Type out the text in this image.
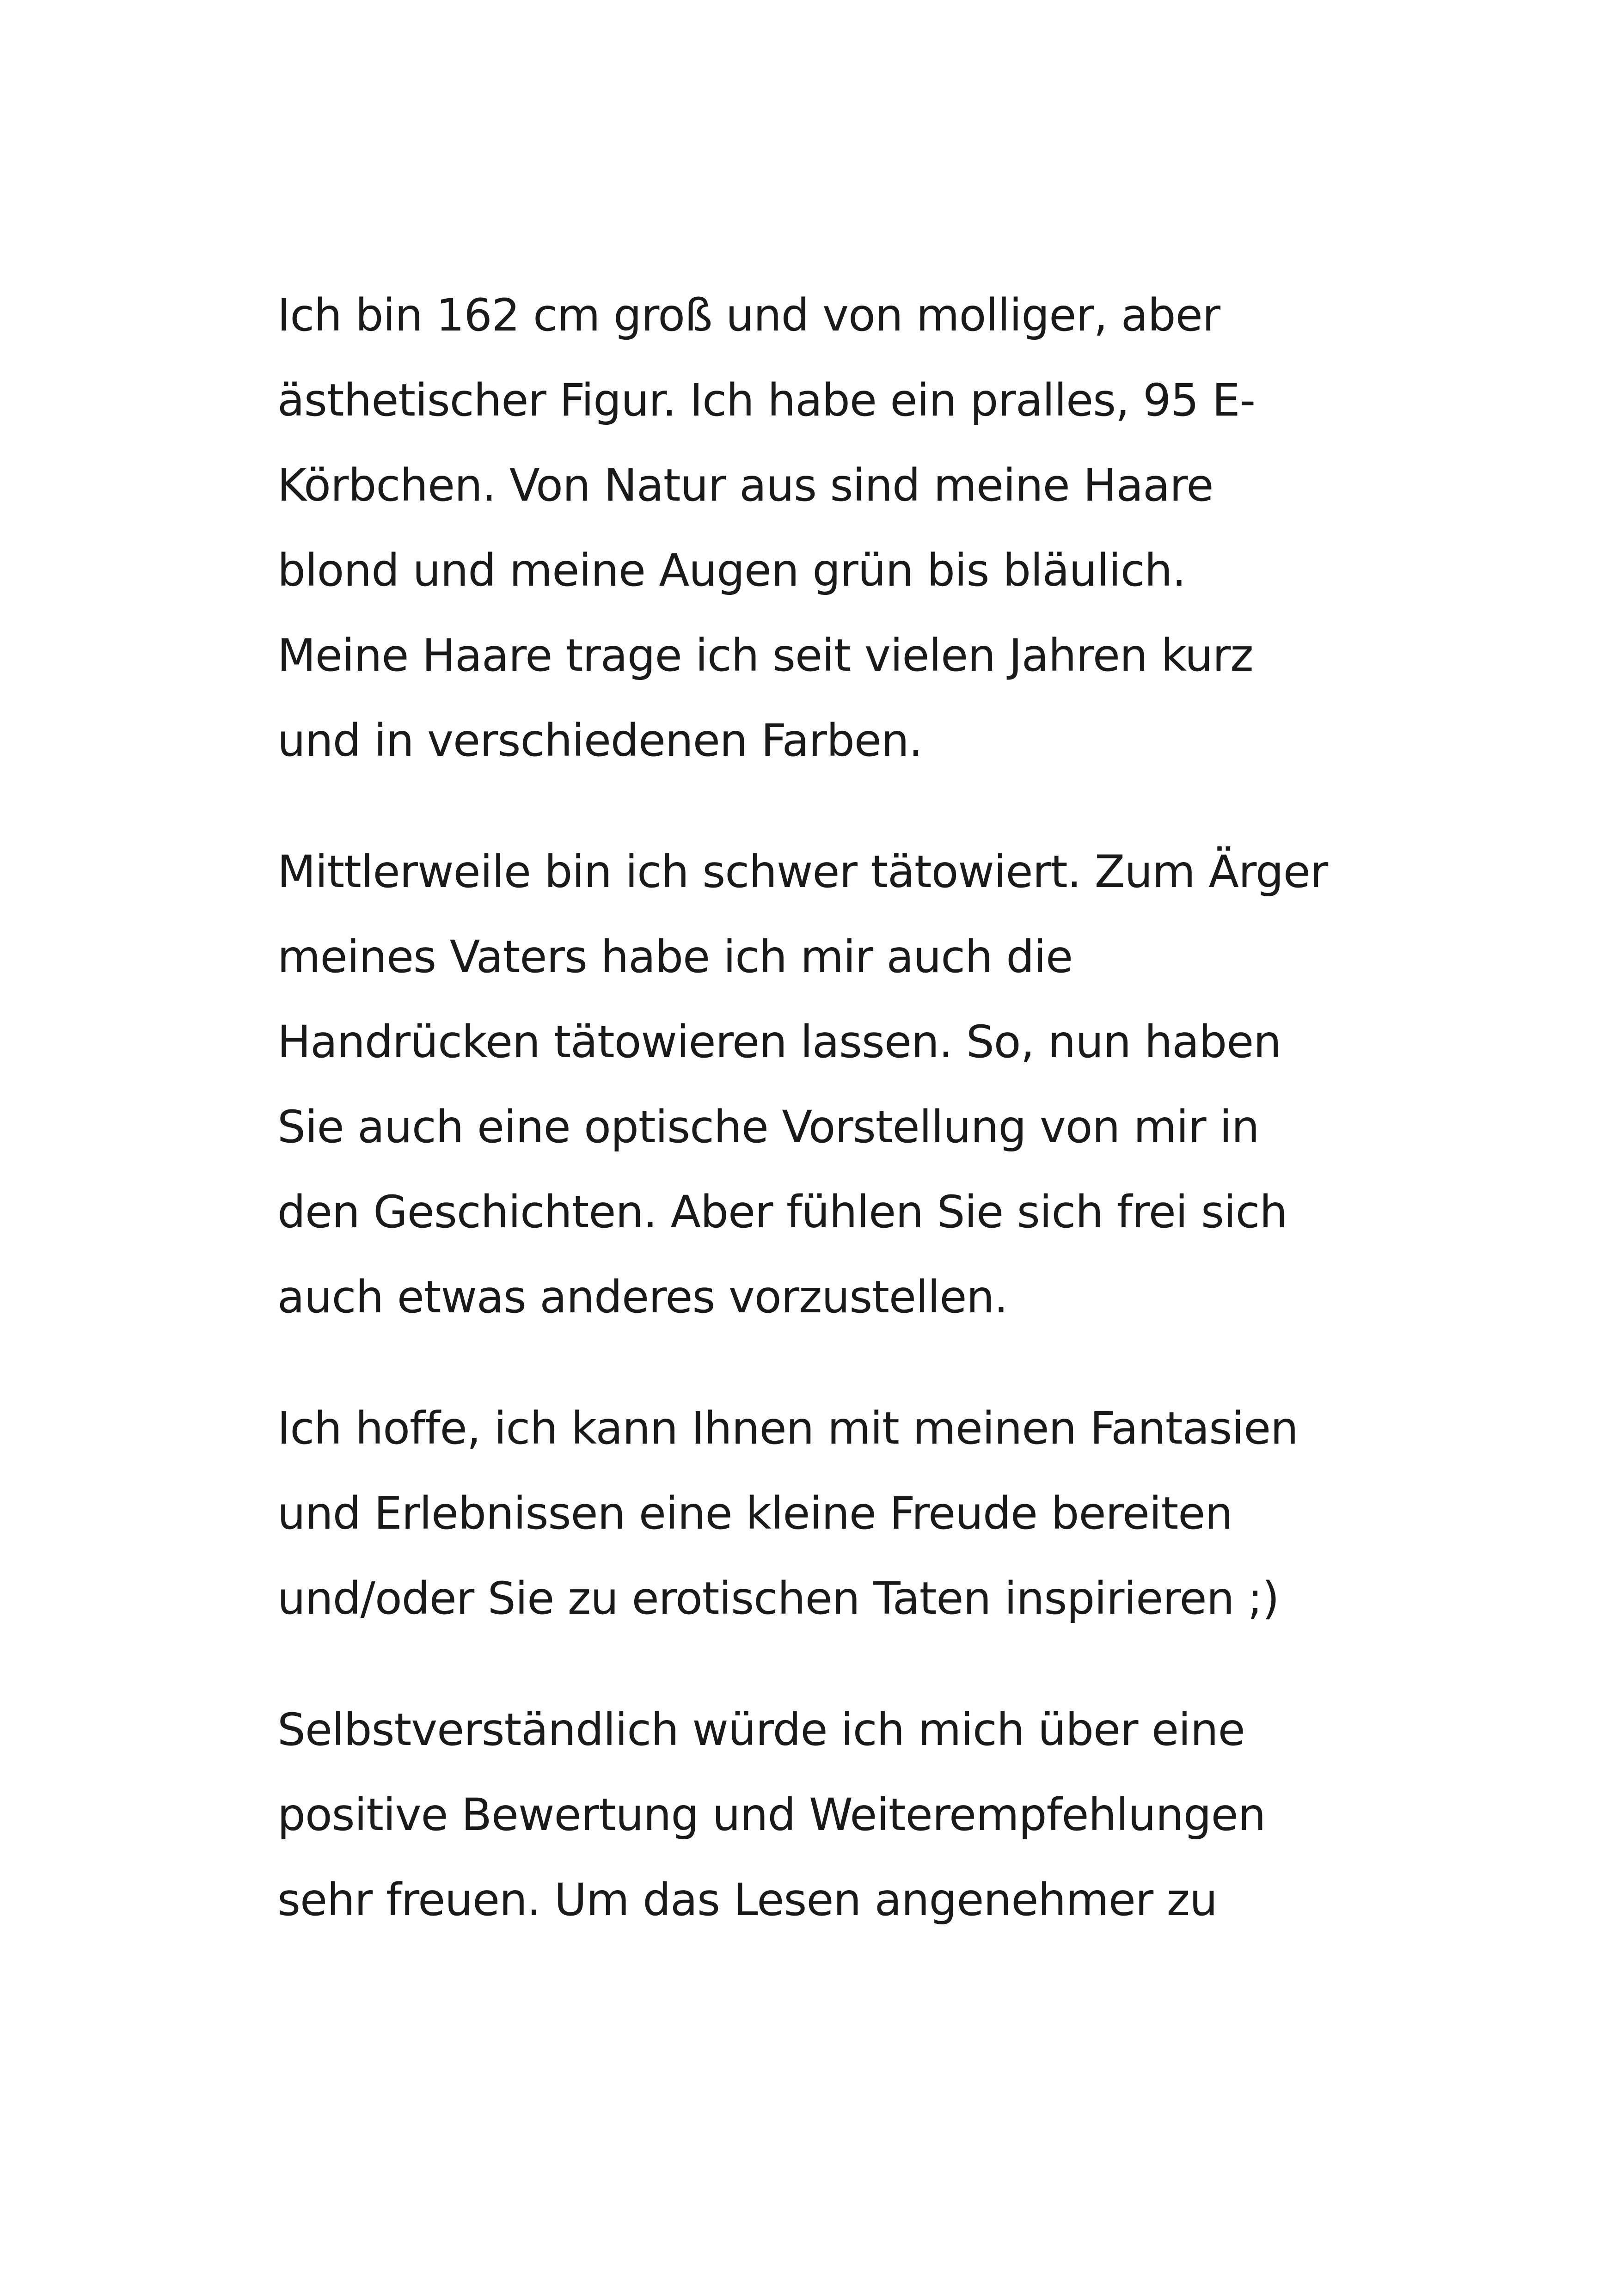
Ich bin 162 cm groß und von molliger, aber
ästhetischer Figur. Ich habe ein pralles, 95 E-
Körbchen. Von Natur aus sind meine Haare
blond und meine Augen grün bis bläulich.
Meine Haare trage ich seit vielen Jahren kurz
und in verschiedenen Farben.
Mittlerweile bin ich schwer tätowiert. Zum Ärger
meines Vaters habe ich mir auch die
Handrücken tätowieren lassen. So, nun haben
Sie auch eine optische Vorstellung von mir in
den Geschichten. Aber fühlen Sie sich frei sich
auch etwas anderes vorzustellen.
Ich hoffe, ich kann Ihnen mit meinen Fantasien
und Erlebnissen eine kleine Freude bereiten
und/oder Sie zu erotischen Taten inspirieren ;)
Selbstverständlich würde ich mich über eine
positive Bewertung und Weiterempfehlungen
sehr freuen. Um das Lesen angenehmer zu
